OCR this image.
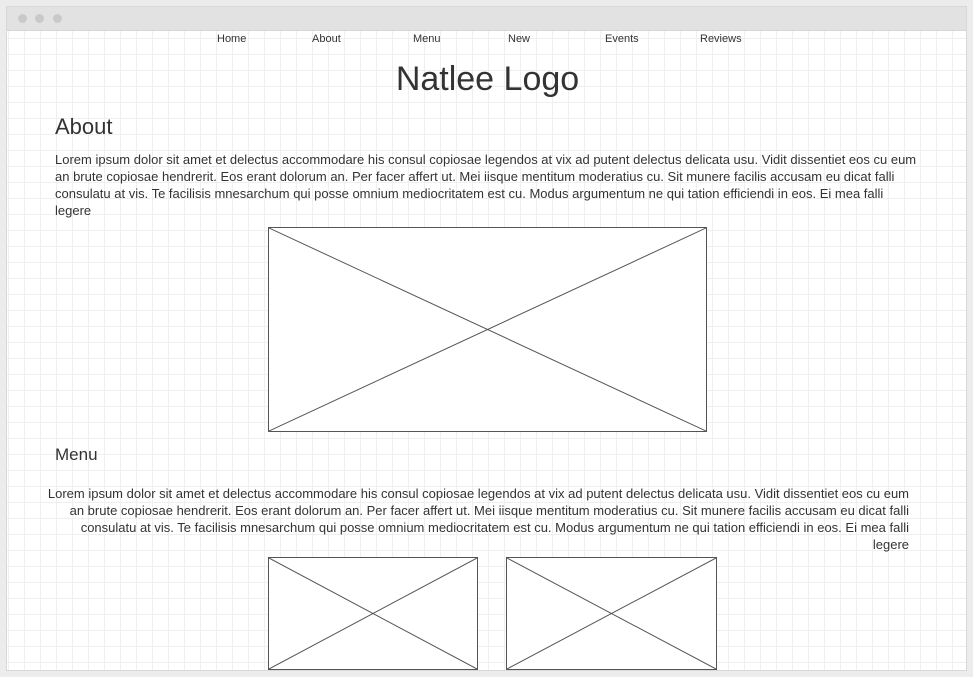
Home	About	Menu	New	Events	Reviews
Natlee Logo
About
Lorem ipsum dolor sit amet et delectus accommodare his consul copiosae legendos at vix ad putent delectus delicata usu. Vidit dissentiet eos cu eum an brute copiosae hendrerit. Eos erant dolorum an. Per facer affert ut. Mei iisque mentitum moderatius cu. Sit munere facilis accusam eu dicat falli consulatu at vis. Te facilisis mnesarchum qui posse omnium mediocritatem est cu. Modus argumentum ne qui tation efficiendi in eos. Ei mea falli legere
Menu
Lorem ipsum dolor sit amet et delectus accommodare his consul copiosae legendos at vix ad putent delectus delicata usu. Vidit dissentiet eos cu eum an brute copiosae hendrerit. Eos erant dolorum an. Per facer affert ut. Mei iisque mentitum moderatius cu. Sit munere facilis accusam eu dicat falli consulatu at vis. Te facilisis mnesarchum qui posse omnium mediocritatem est cu. Modus argumentum ne qui tation efficiendi in eos. Ei mea falli legere
